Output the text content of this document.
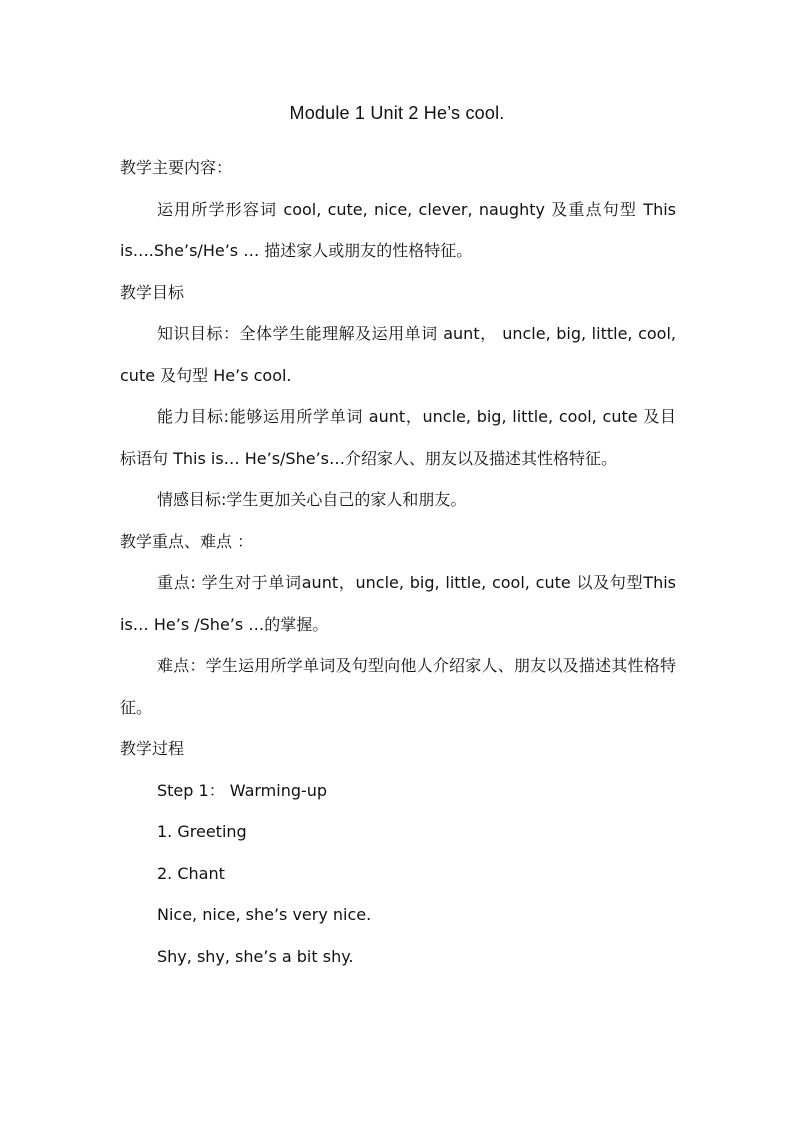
Module 1 Unit 2 He’s cool.

教学主要内容：

运用所学形容词 cool, cute, nice, clever, naughty 及重点句型 This is….She’s/He’s … 描述家人或朋友的性格特征。

教学目标

知识目标：全体学生能理解及运用单词 aunt， uncle, big, little, cool, cute 及句型 He’s cool.

能力目标:能够运用所学单词 aunt，uncle, big, little, cool, cute 及目标语句 This is… He’s/She’s…介绍家人、朋友以及描述其性格特征。

情感目标:学生更加关心自己的家人和朋友。

教学重点、难点 ：

重点: 学生对于单词aunt，uncle, big, little, cool, cute 以及句型This is… He’s /She’s …的掌握。

难点：学生运用所学单词及句型向他人介绍家人、朋友以及描述其性格特征。

教学过程

Step 1： Warming-up

1. Greeting

2. Chant

Nice, nice, she’s very nice.

Shy, shy, she’s a bit shy.
